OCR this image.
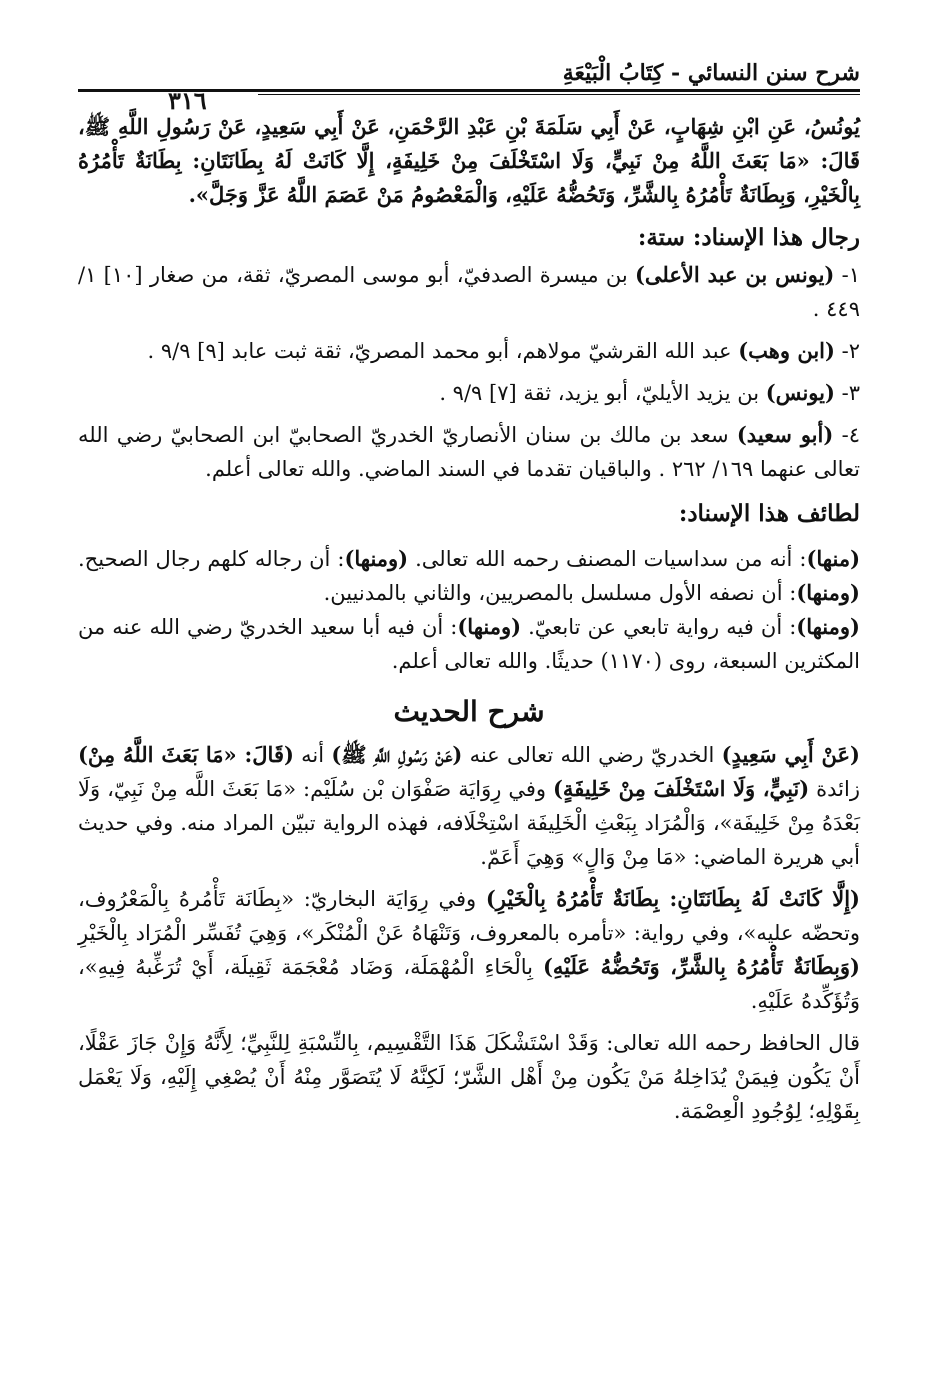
شرح سنن النسائي - كِتَابُ الْبَيْعَةِ
٣١٦

يُونُسُ، عَنِ ابْنِ شِهَابٍ، عَنْ أَبِي سَلَمَةَ بْنِ عَبْدِ الرَّحْمَنِ، عَنْ أَبِي سَعِيدٍ، عَنْ رَسُولِ اللَّهِ ﷺ، قَالَ: «مَا بَعَثَ اللَّهُ مِنْ نَبِيٍّ، وَلَا اسْتَخْلَفَ مِنْ خَلِيفَةٍ، إِلَّا كَانَتْ لَهُ بِطَانَتَانِ: بِطَانَةٌ تَأْمُرُهُ بِالْخَيْرِ، وَبِطَانَةٌ تَأْمُرُهُ بِالشَّرِّ، وَتَحُضُّهُ عَلَيْهِ، وَالْمَعْصُومُ مَنْ عَصَمَ اللَّهُ عَزَّ وَجَلَّ».

رجال هذا الإسناد: ستة:

١- (يونس بن عبد الأعلى) بن ميسرة الصدفيّ، أبو موسى المصريّ، ثقة، من صغار [١٠] ١/ ٤٤٩ .

٢- (ابن وهب) عبد الله القرشيّ مولاهم، أبو محمد المصريّ، ثقة ثبت عابد [٩] ٩/٩ .

٣- (يونس) بن يزيد الأيليّ، أبو يزيد، ثقة [٧] ٩/٩ .

٤- (أبو سعيد) سعد بن مالك بن سنان الأنصاريّ الخدريّ الصحابيّ ابن الصحابيّ رضي الله تعالى عنهما ١٦٩/ ٢٦٢ . والباقيان تقدما في السند الماضي. والله تعالى أعلم.

لطائف هذا الإسناد:

(منها): أنه من سداسيات المصنف رحمه الله تعالى. (ومنها): أن رجاله كلهم رجال الصحيح. (ومنها): أن نصفه الأول مسلسل بالمصريين، والثاني بالمدنيين.

(ومنها): أن فيه رواية تابعي عن تابعيّ. (ومنها): أن فيه أبا سعيد الخدريّ رضي الله عنه من المكثرين السبعة، روى (١١٧٠) حديثًا. والله تعالى أعلم.

شرح الحديث

(عَنْ أَبِي سَعِيدٍ) الخدريّ رضي الله تعالى عنه (عَنْ رَسُولِ اللَّهِ ﷺ) أنه (قَالَ: «مَا بَعَثَ اللَّهُ مِنْ) زائدة (نَبِيٍّ، وَلَا اسْتَخْلَفَ مِنْ خَلِيفَةٍ) وفي رِوَايَة صَفْوَان بْن سُلَيْم: «مَا بَعَثَ اللَّه مِنْ نَبِيّ، وَلَا بَعْدَهُ مِنْ خَلِيفَة»، وَالْمُرَاد بِبَعْثِ الْخَلِيفَة اسْتِخْلَافه، فهذه الرواية تبيّن المراد منه. وفي حديث أبي هريرة الماضي: «مَا مِنْ وَالٍ» وَهِيَ أَعَمّ.

(إِلَّا كَانَتْ لَهُ بِطَانَتَانِ: بِطَانَةٌ تَأْمُرُهُ بِالْخَيْرِ) وفي رِوَايَة البخاريّ: «بِطَانَة تَأْمُرهُ بِالْمَعْرُوف، وتحضّه عليه»، وفي رواية: «تأمره بالمعروف، وَتَنْهَاهُ عَنْ الْمُنْكَر»، وَهِيَ تُفَسِّر الْمُرَاد بِالْخَيْرِ (وَبِطَانَةٌ تَأْمُرُهُ بِالشَّرِّ، وَتَحُضُّهُ عَلَيْهِ) بِالْحَاءِ الْمُهْمَلَة، وَضَاد مُعْجَمَة ثَقِيلَة، أَيْ تُرَغِّبهُ فِيهِ»، وَتُؤَكِّدهُ عَلَيْهِ.

قال الحافظ رحمه الله تعالى: وَقَدْ اسْتَشْكَلَ هَذَا التَّقْسِيم، بِالنِّسْبَةِ لِلنَّبِيِّ؛ لِأَنَّهُ وَإِنْ جَازَ عَقْلًا، أَنْ يَكُون فِيمَنْ يُدَاخِلهُ مَنْ يَكُون مِنْ أَهْل الشَّرّ؛ لَكِنَّهُ لَا يُتَصَوَّر مِنْهُ أَنْ يُصْغِي إِلَيْهِ، وَلَا يَعْمَل بِقَوْلِهِ؛ لِوُجُودِ الْعِصْمَة.
